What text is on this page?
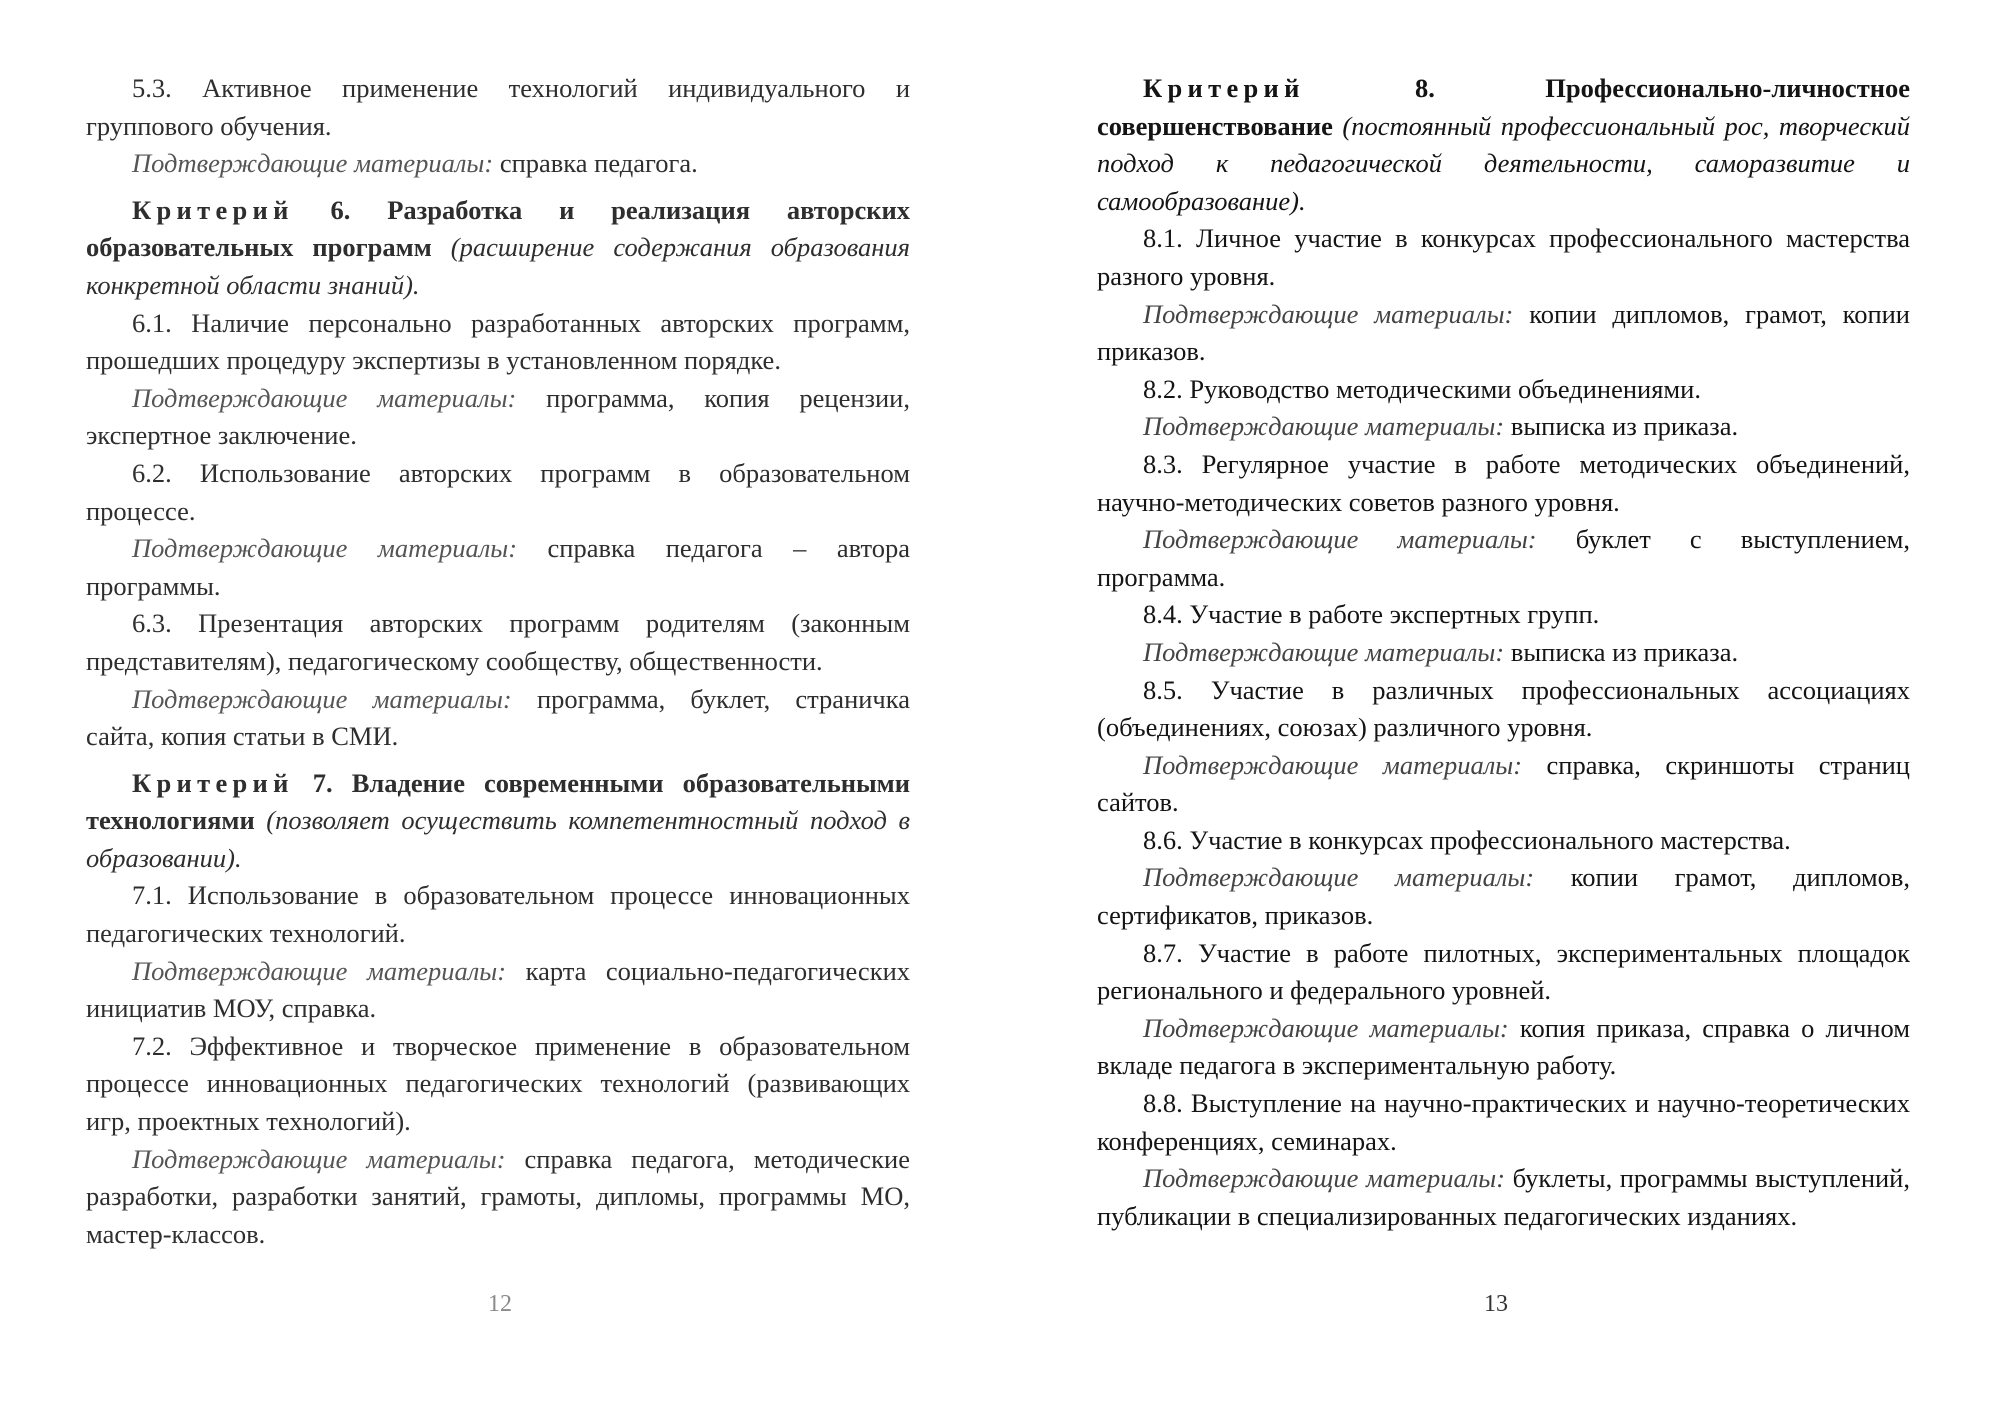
5.3. Активное применение технологий индивидуального и группового обучения.

Подтверждающие материалы: справка педагога.

Критерий 6. Разработка и реализация авторских образовательных программ (расширение содержания образования конкретной области знаний).

6.1. Наличие персонально разработанных авторских программ, прошедших процедуру экспертизы в установленном порядке.

Подтверждающие материалы: программа, копия рецензии, экспертное заключение.

6.2. Использование авторских программ в образовательном процессе.

Подтверждающие материалы: справка педагога – автора программы.

6.3. Презентация авторских программ родителям (законным представителям), педагогическому сообществу, общественности.

Подтверждающие материалы: программа, буклет, страничка сайта, копия статьи в СМИ.

Критерий 7. Владение современными образовательными технологиями (позволяет осуществить компетентностный подход в образовании).

7.1. Использование в образовательном процессе инновационных педагогических технологий.

Подтверждающие материалы: карта социально-педагогических инициатив МОУ, справка.

7.2. Эффективное и творческое применение в образовательном процессе инновационных педагогических технологий (развивающих игр, проектных технологий).

Подтверждающие материалы: справка педагога, методические разработки, разработки занятий, грамоты, дипломы, программы МО, мастер-классов.

12

Критерий 8. Профессионально-личностное совершенствование (постоянный профессиональный рос, творческий подход к педагогической деятельности, саморазвитие и самообразование).

8.1. Личное участие в конкурсах профессионального мастерства разного уровня.

Подтверждающие материалы: копии дипломов, грамот, копии приказов.

8.2. Руководство методическими объединениями.

Подтверждающие материалы: выписка из приказа.

8.3. Регулярное участие в работе методических объединений, научно-методических советов разного уровня.

Подтверждающие материалы: буклет с выступлением, программа.

8.4. Участие в работе экспертных групп.

Подтверждающие материалы: выписка из приказа.

8.5. Участие в различных профессиональных ассоциациях (объединениях, союзах) различного уровня.

Подтверждающие материалы: справка, скриншоты страниц сайтов.

8.6. Участие в конкурсах профессионального мастерства.

Подтверждающие материалы: копии грамот, дипломов, сертификатов, приказов.

8.7. Участие в работе пилотных, экспериментальных площадок регионального и федерального уровней.

Подтверждающие материалы: копия приказа, справка о личном вкладе педагога в экспериментальную работу.

8.8. Выступление на научно-практических и научно-теоретических конференциях, семинарах.

Подтверждающие материалы: буклеты, программы выступлений, публикации в специализированных педагогических изданиях.

13
